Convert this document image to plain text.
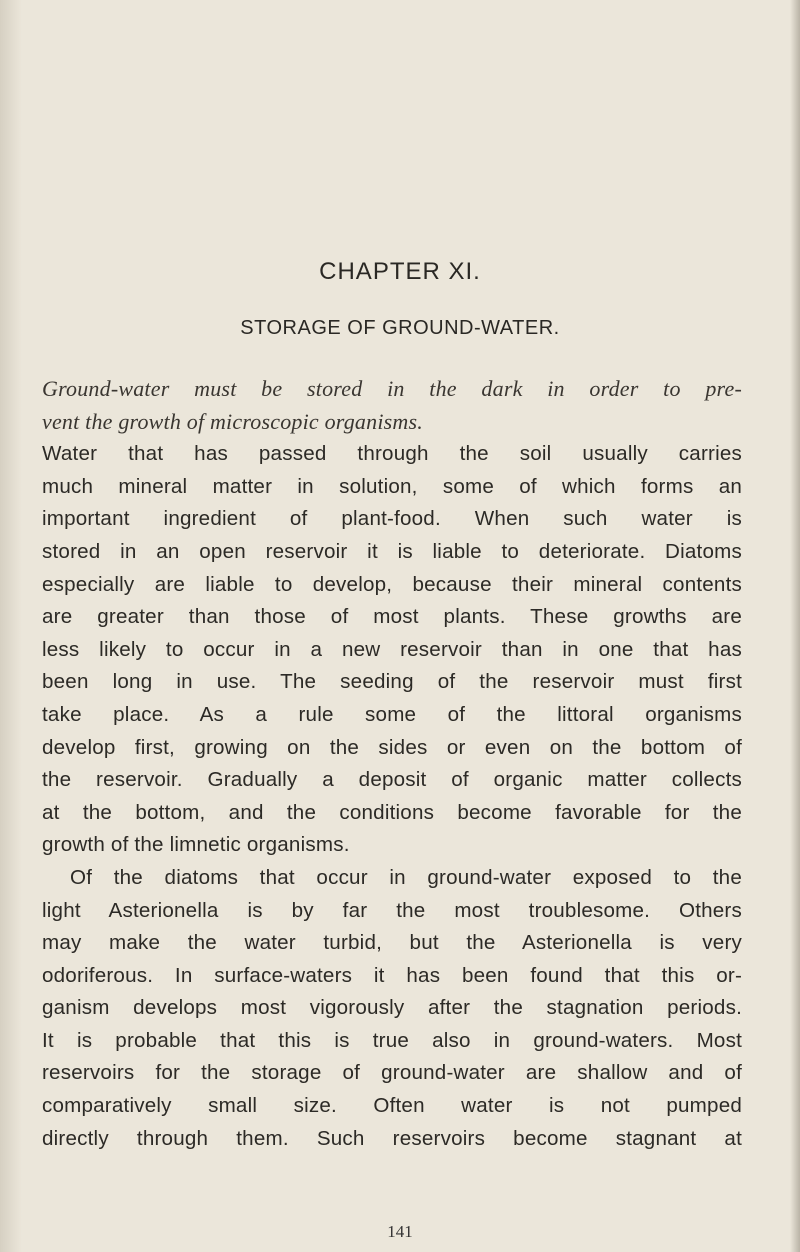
CHAPTER XI.
STORAGE OF GROUND-WATER.
Ground-water must be stored in the dark in order to pre-
vent the growth of microscopic organisms.
Water that has passed through the soil usually carries
much mineral matter in solution, some of which forms an
important ingredient of plant-food. When such water is
stored in an open reservoir it is liable to deteriorate. Diatoms
especially are liable to develop, because their mineral contents
are greater than those of most plants. These growths are
less likely to occur in a new reservoir than in one that has
been long in use. The seeding of the reservoir must first
take place. As a rule some of the littoral organisms
develop first, growing on the sides or even on the bottom of
the reservoir. Gradually a deposit of organic matter collects
at the bottom, and the conditions become favorable for the
growth of the limnetic organisms.
Of the diatoms that occur in ground-water exposed to the
light Asterionella is by far the most troublesome. Others
may make the water turbid, but the Asterionella is very
odoriferous. In surface-waters it has been found that this or-
ganism develops most vigorously after the stagnation periods.
It is probable that this is true also in ground-waters. Most
reservoirs for the storage of ground-water are shallow and of
comparatively small size. Often water is not pumped
directly through them. Such reservoirs become stagnant at
141
